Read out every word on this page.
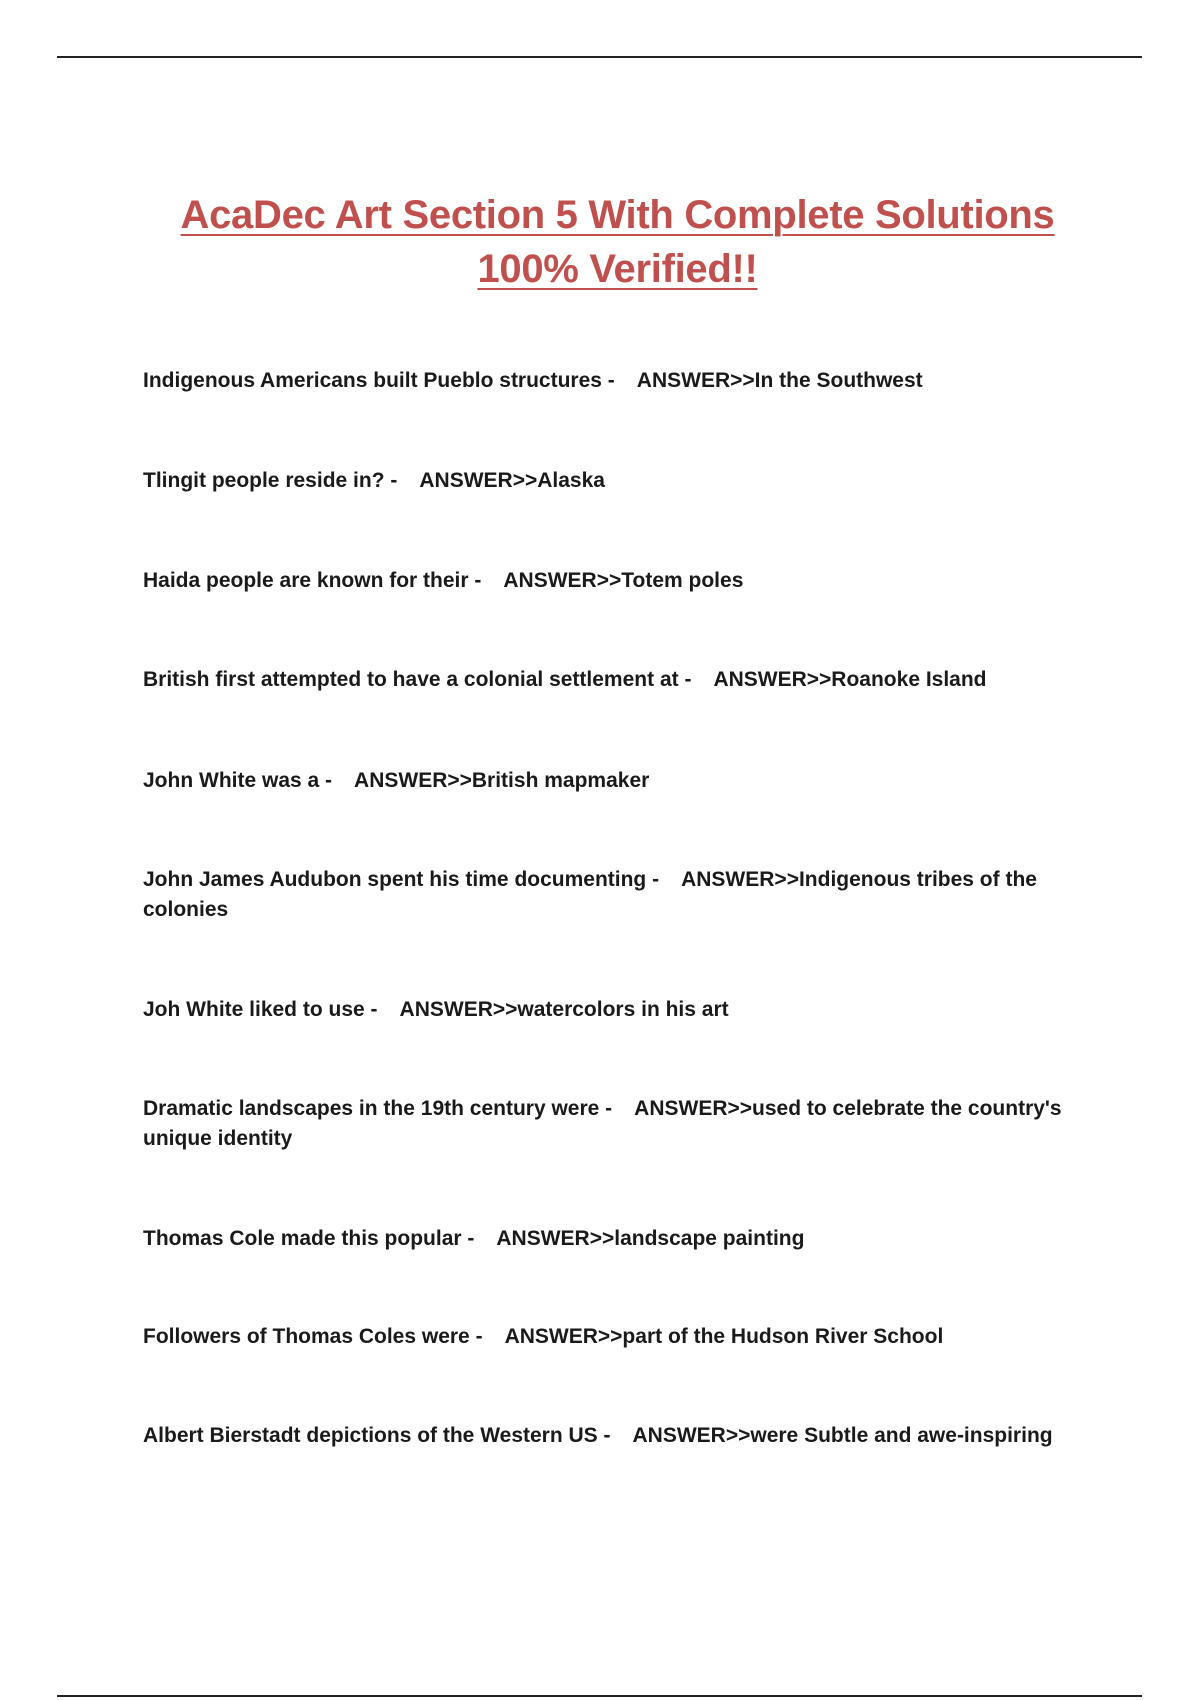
AcaDec Art Section 5 With Complete Solutions
100% Verified!!
Indigenous Americans built Pueblo structures - ANSWER>>In the Southwest
Tlingit people reside in? - ANSWER>>Alaska
Haida people are known for their - ANSWER>>Totem poles
British first attempted to have a colonial settlement at - ANSWER>>Roanoke Island
John White was a - ANSWER>>British mapmaker
John James Audubon spent his time documenting - ANSWER>>Indigenous tribes of the colonies
Joh White liked to use - ANSWER>>watercolors in his art
Dramatic landscapes in the 19th century were - ANSWER>>used to celebrate the country's unique identity
Thomas Cole made this popular - ANSWER>>landscape painting
Followers of Thomas Coles were - ANSWER>>part of the Hudson River School
Albert Bierstadt depictions of the Western US - ANSWER>>were Subtle and awe-inspiring
